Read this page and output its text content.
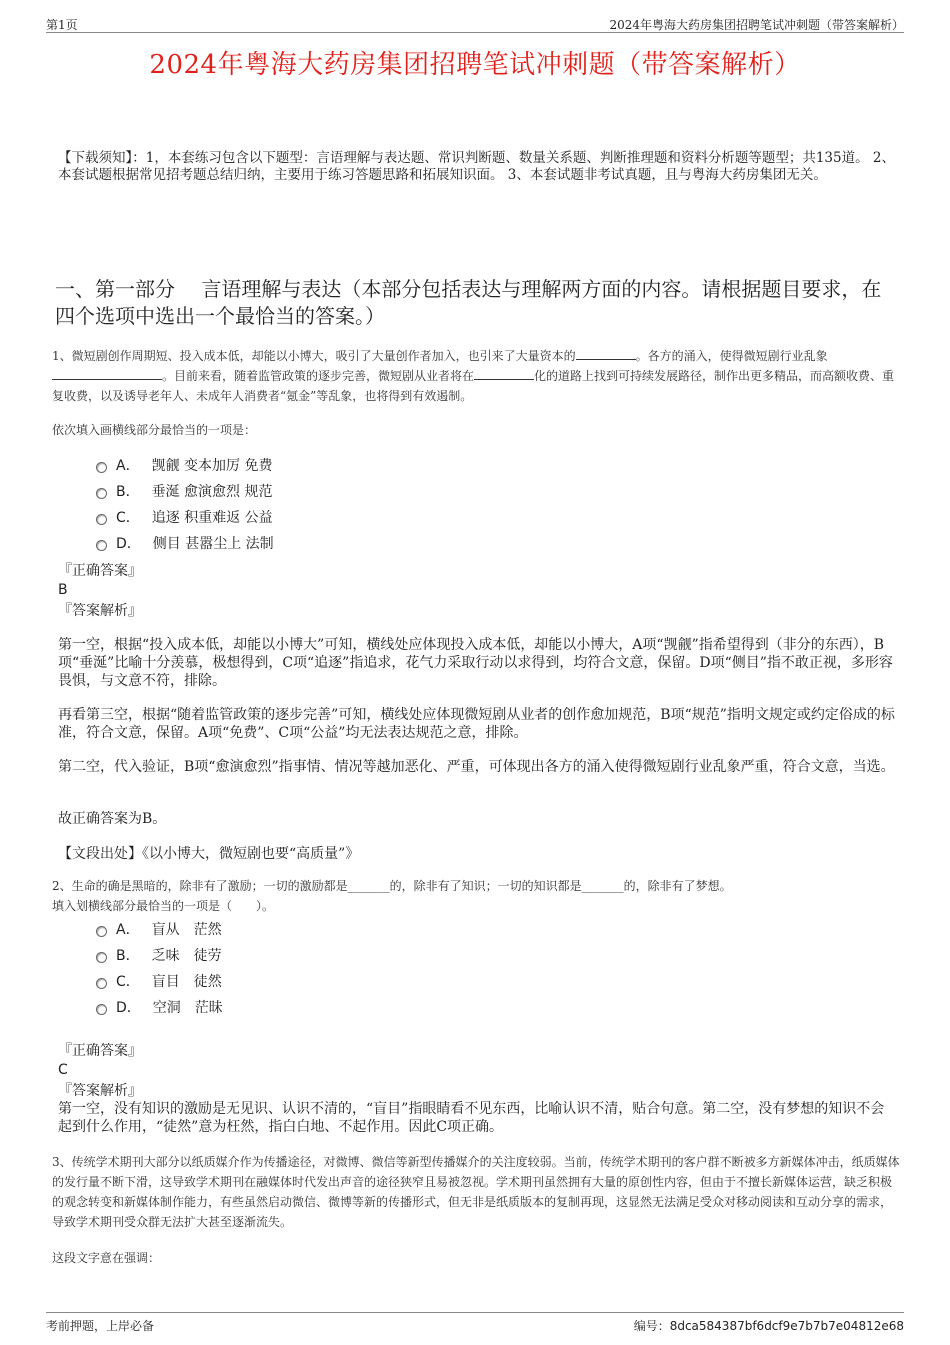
第1页	2024年粤海大药房集团招聘笔试冲刺题（带答案解析）
2024年粤海大药房集团招聘笔试冲刺题（带答案解析）
【下载须知】：1，本套练习包含以下题型：言语理解与表达题、常识判断题、数量关系题、判断推理题和资料分析题等题型；共135道。 2、本套试题根据常见招考题总结归纳，主要用于练习答题思路和拓展知识面。 3、本套试题非考试真题，且与粤海大药房集团无关。
一、第一部分　 言语理解与表达（本部分包括表达与理解两方面的内容。请根据题目要求，在四个选项中选出一个最恰当的答案。）
1、微短剧创作周期短、投入成本低，却能以小博大，吸引了大量创作者加入，也引来了大量资本的	。各方的涌入，使得微短剧行业乱象。目前来看，随着监管政策的逐步完善，微短剧从业者将在	化的道路上找到可持续发展路径，制作出更多精品，而高额收费、重复收费，以及诱导老年人、未成年人消费者“氪金”等乱象，也将得到有效遏制。
依次填入画横线部分最恰当的一项是：
A． 觊觎 变本加厉 免费
B． 垂涎 愈演愈烈 规范
C． 追逐 积重难返 公益
D． 侧目 甚嚣尘上 法制
『正确答案』
B
『答案解析』
第一空，根据“投入成本低，却能以小博大”可知，横线处应体现投入成本低，却能以小博大，A项“觊觎”指希望得到（非分的东西），B项“垂涎”比喻十分羡慕，极想得到，C项“追逐”指追求，花气力采取行动以求得到，均符合文意，保留。D项“侧目”指不敢正视，多形容畏惧，与文意不符，排除。
再看第三空，根据“随着监管政策的逐步完善”可知，横线处应体现微短剧从业者的创作愈加规范，B项“规范”指明文规定或约定俗成的标准，符合文意，保留。A项“免费”、C项“公益”均无法表达规范之意，排除。
第二空，代入验证，B项“愈演愈烈”指事情、情况等越加恶化、严重，可体现出各方的涌入使得微短剧行业乱象严重，符合文意，当选。
故正确答案为B。
【文段出处】《以小博大，微短剧也要“高质量”》
2、生命的确是黑暗的，除非有了激励；一切的激励都是_______的，除非有了知识；一切的知识都是_______的，除非有了梦想。
填入划横线部分最恰当的一项是（　　）。
A． 盲从　茫然
B． 乏味　徒劳
C． 盲目　徒然
D． 空洞　茫昧
『正确答案』
C
『答案解析』
第一空，没有知识的激励是无见识、认识不清的，“盲目”指眼睛看不见东西，比喻认识不清，贴合句意。第二空，没有梦想的知识不会起到什么作用，“徒然”意为枉然，指白白地、不起作用。因此C项正确。
3、传统学术期刊大部分以纸质媒介作为传播途径，对微博、微信等新型传播媒介的关注度较弱。当前，传统学术期刊的客户群不断被多方新媒体冲击，纸质媒体的发行量不断下滑，这导致学术期刊在融媒体时代发出声音的途径狭窄且易被忽视。学术期刊虽然拥有大量的原创性内容，但由于不擅长新媒体运营，缺乏积极的观念转变和新媒体制作能力，有些虽然启动微信、微博等新的传播形式，但无非是纸质版本的复制再现，这显然无法满足受众对移动阅读和互动分享的需求，导致学术期刊受众群无法扩大甚至逐渐流失。
这段文字意在强调：
考前押题，上岸必备	编号：8dca584387bf6dcf9e7b7b7e04812e68
